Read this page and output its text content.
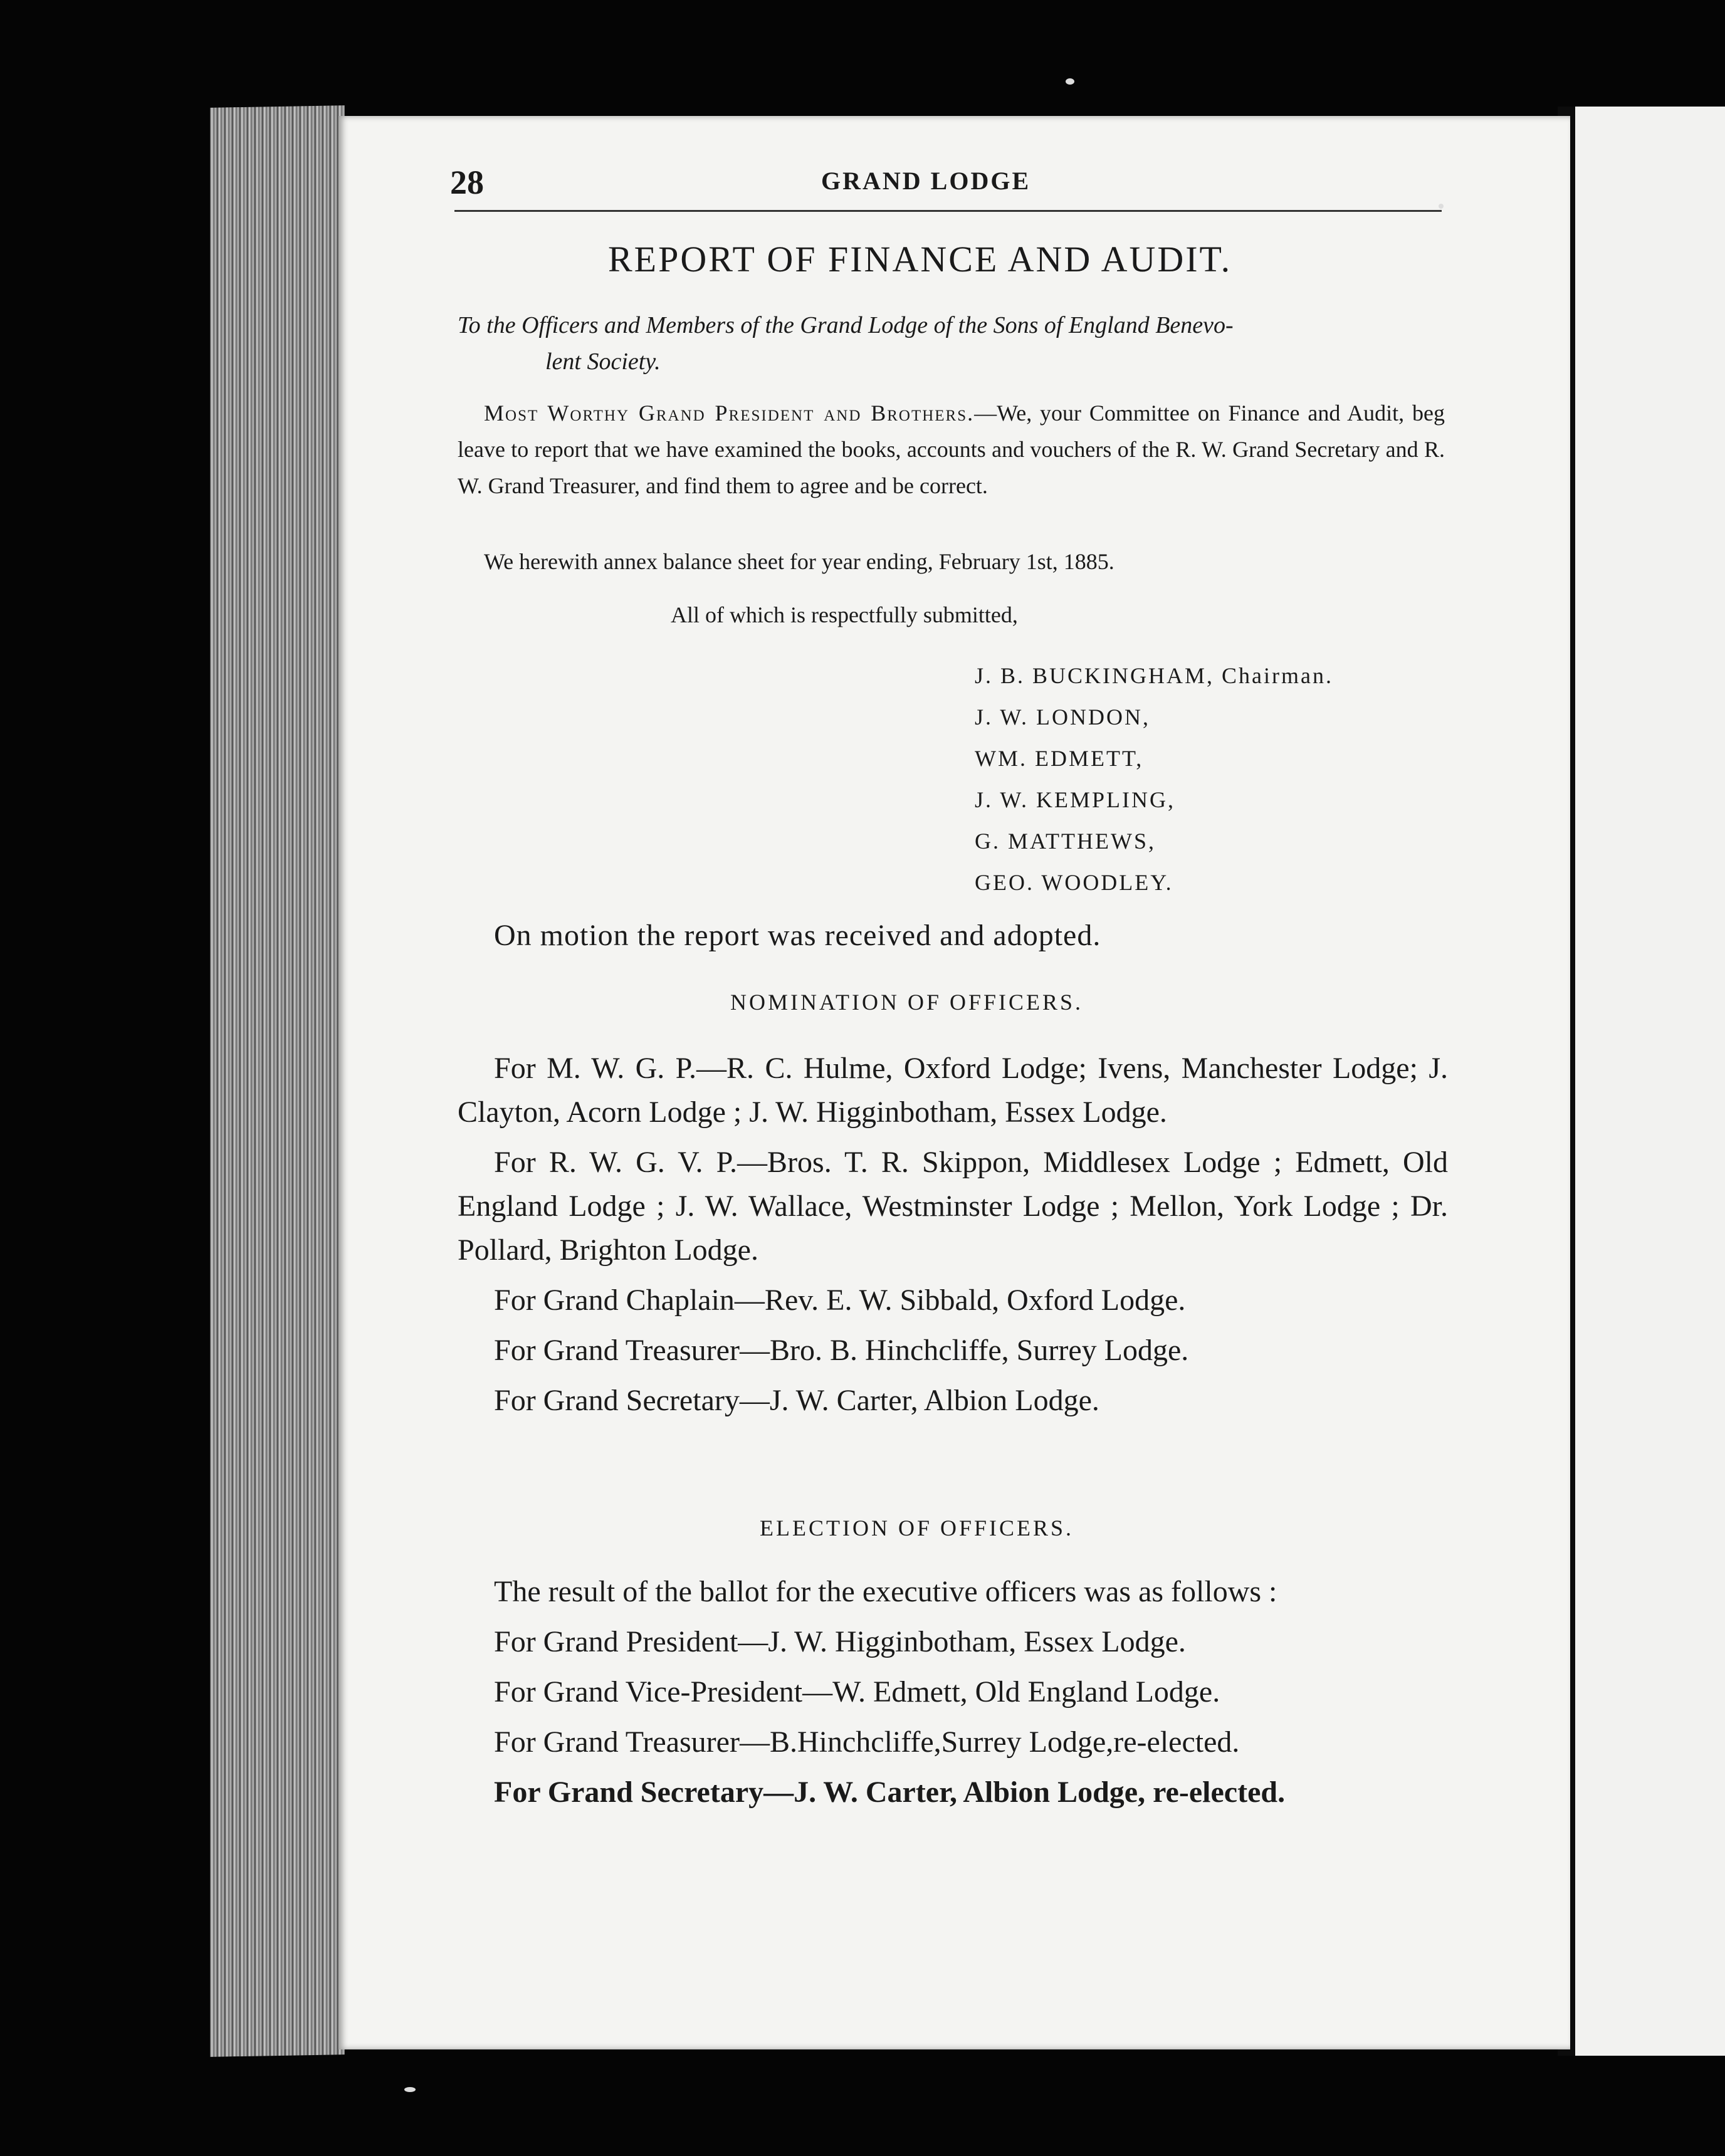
28	GRAND LODGE
REPORT OF FINANCE AND AUDIT.
To the Officers and Members of the Grand Lodge of the Sons of England Benevo-
lent Society.
Most Worthy Grand President and Brothers.—We, your Committee on Finance and Audit, beg leave to report that we have examined the books, accounts and vouchers of the R. W. Grand Secretary and R. W. Grand Treasurer, and find them to agree and be correct.
We herewith annex balance sheet for year ending, February 1st, 1885.
All of which is respectfully submitted,
J. B. BUCKINGHAM, Chairman.
J. W. LONDON,
WM. EDMETT,
J. W. KEMPLING,
G. MATTHEWS,
GEO. WOODLEY.
On motion the report was received and adopted.
NOMINATION OF OFFICERS.

For M. W. G. P.—R. C. Hulme, Oxford Lodge; Ivens, Manchester Lodge; J. Clayton, Acorn Lodge ; J. W. Higginbotham, Essex Lodge.

For R. W. G. V. P.—Bros. T. R. Skippon, Middlesex Lodge ; Edmett, Old England Lodge ; J. W. Wallace, Westminster Lodge ; Mellon, York Lodge ; Dr. Pollard, Brighton Lodge.

For Grand Chaplain—Rev. E. W. Sibbald, Oxford Lodge.

For Grand Treasurer—Bro. B. Hinchcliffe, Surrey Lodge.

For Grand Secretary—J. W. Carter, Albion Lodge.

ELECTION OF OFFICERS.

The result of the ballot for the executive officers was as follows :

For Grand President—J. W. Higginbotham, Essex Lodge.

For Grand Vice-President—W. Edmett, Old England Lodge.

For Grand Treasurer—B.Hinchcliffe,Surrey Lodge,re-elected.

For Grand Secretary—J. W. Carter, Albion Lodge, re-elected.
